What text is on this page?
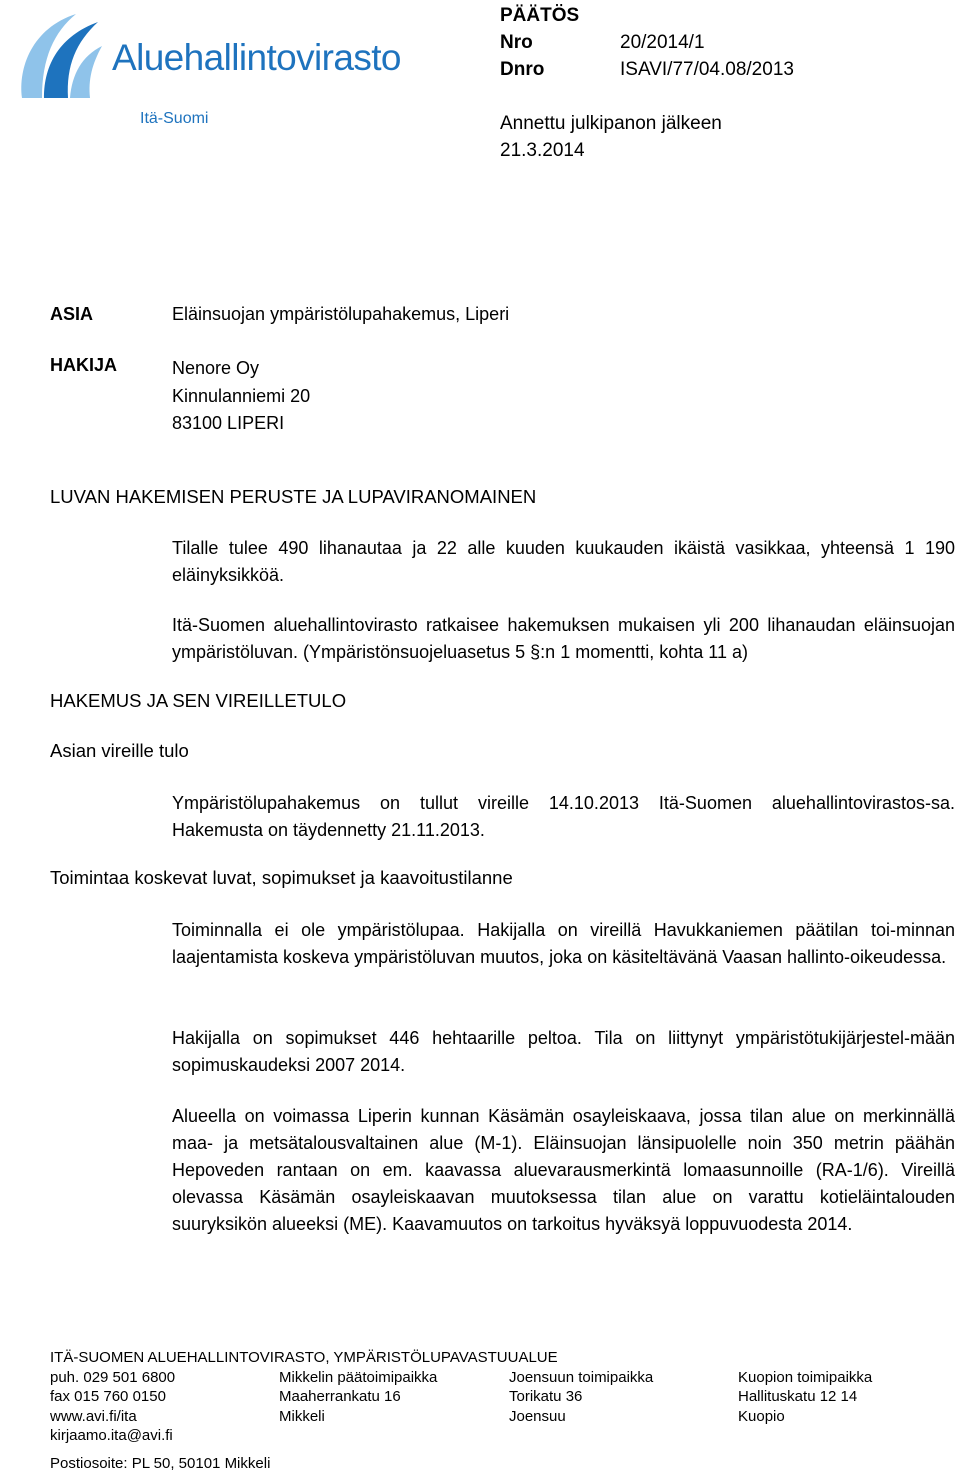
Aluehallintovirasto
Itä-Suomi
PÄÄTÖS
Nro	20/2014/1
Dnro	ISAVI/77/04.08/2013
Annettu julkipanon jälkeen
21.3.2014
ASIA	Eläinsuojan ympäristölupahakemus, Liperi
HAKIJA	Nenore Oy
Kinnulanniemi 20
83100 LIPERI
LUVAN HAKEMISEN PERUSTE JA LUPAVIRANOMAINEN
Tilalle tulee 490 lihanautaa ja 22 alle kuuden kuukauden ikäistä vasikkaa, yhteensä 1 190 eläinyksikköä.
Itä-Suomen aluehallintovirasto ratkaisee hakemuksen mukaisen yli 200 lihanaudan eläinsuojan ympäristöluvan. (Ympäristönsuojeluasetus 5 §:n 1 momentti, kohta 11 a)
HAKEMUS JA SEN VIREILLETULO
Asian vireille tulo
Ympäristölupahakemus on tullut vireille 14.10.2013 Itä-Suomen aluehallintovirastos-sa. Hakemusta on täydennetty 21.11.2013.
Toimintaa koskevat luvat, sopimukset ja kaavoitustilanne
Toiminnalla ei ole ympäristölupaa. Hakijalla on vireillä Havukkaniemen päätilan toi-minnan laajentamista koskeva ympäristöluvan muutos, joka on käsiteltävänä Vaasan hallinto-oikeudessa.
Hakijalla on sopimukset 446 hehtaarille peltoa. Tila on liittynyt ympäristötukijärjestel-mään sopimuskaudeksi 2007 2014.
Alueella on voimassa Liperin kunnan Käsämän osayleiskaava, jossa tilan alue on merkinnällä maa- ja metsätalousvaltainen alue (M-1). Eläinsuojan länsipuolelle noin 350 metrin päähän Hepoveden rantaan on em. kaavassa aluevarausmerkintä lomaasunnoille (RA-1/6). Vireillä olevassa Käsämän osayleiskaavan muutoksessa tilan alue on varattu kotieläintalouden suuryksikön alueeksi (ME). Kaavamuutos on tarkoitus hyväksyä loppuvuodesta 2014.
ITÄ-SUOMEN ALUEHALLINTOVIRASTO, YMPÄRISTÖLUPAVASTUUALUE
puh. 029 501 6800
fax 015 760 0150
www.avi.fi/ita
kirjaamo.ita@avi.fi
Mikkelin päätoimipaikka
Maaherrankatu 16
Mikkeli
Joensuun toimipaikka
Torikatu 36
Joensuu
Kuopion toimipaikka
Hallituskatu 12 14
Kuopio
Postiosoite: PL 50, 50101 Mikkeli
